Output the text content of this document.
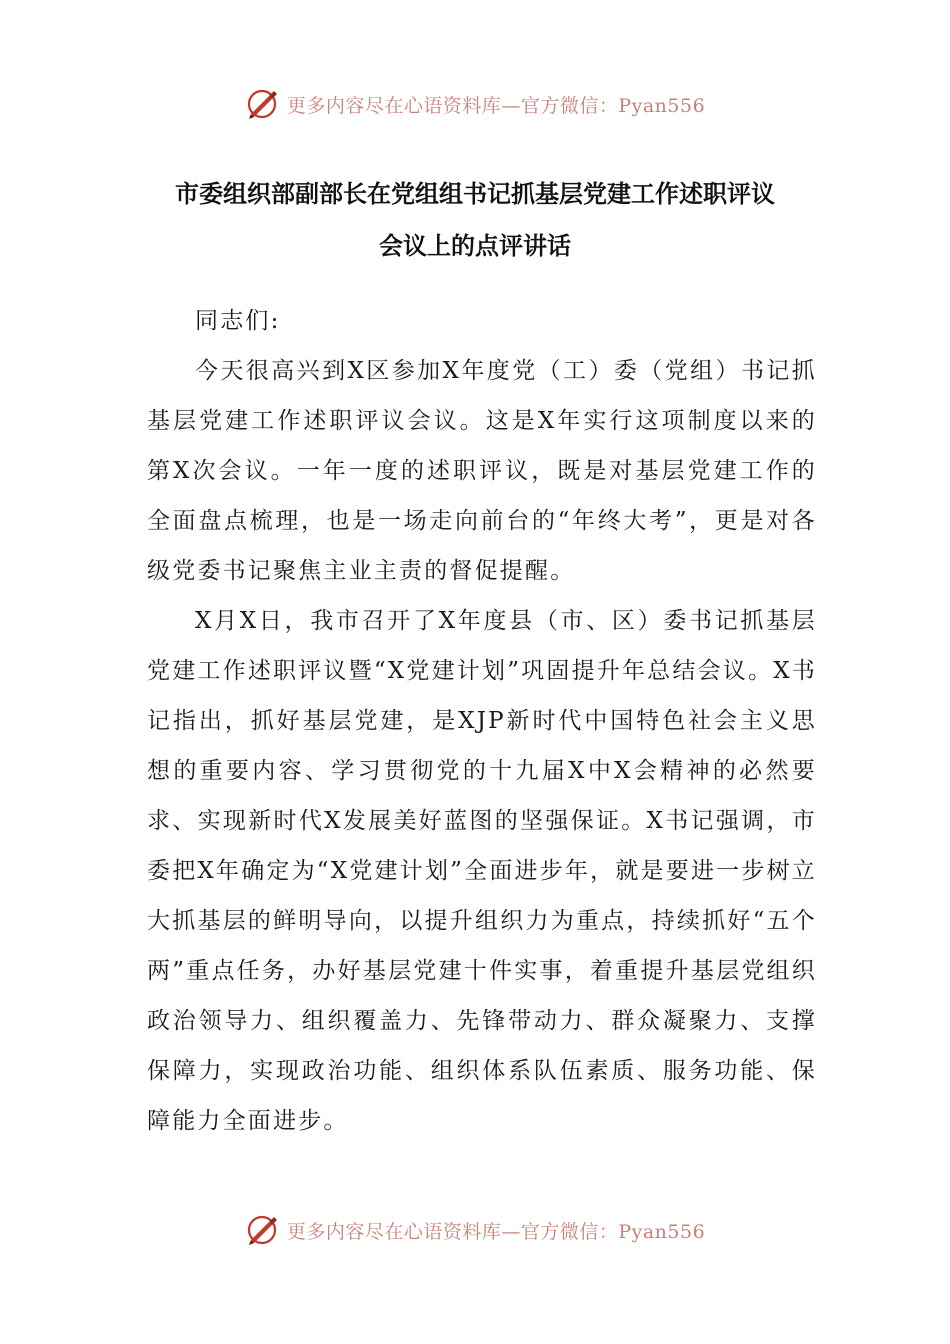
更多内容尽在心语资料库—官方微信：Pyan556
市委组织部副部长在党组组书记抓基层党建工作述职评议
会议上的点评讲话

同志们:

今天很高兴到X区参加X年度党（工）委（党组）书记抓基层党建工作述职评议会议。这是X年实行这项制度以来的第X次会议。一年一度的述职评议，既是对基层党建工作的全面盘点梳理，也是一场走向前台的“年终大考”，更是对各级党委书记聚焦主业主责的督促提醒。

X月X日，我市召开了X年度县（市、区）委书记抓基层党建工作述职评议暨“X党建计划”巩固提升年总结会议。X书记指出，抓好基层党建，是XJP新时代中国特色社会主义思想的重要内容、学习贯彻党的十九届X中X会精神的必然要求、实现新时代X发展美好蓝图的坚强保证。X书记强调，市委把X年确定为“X党建计划”全面进步年，就是要进一步树立大抓基层的鲜明导向，以提升组织力为重点，持续抓好“五个两”重点任务，办好基层党建十件实事，着重提升基层党组织政治领导力、组织覆盖力、先锋带动力、群众凝聚力、支撑保障力，实现政治功能、组织体系队伍素质、服务功能、保障能力全面进步。

更多内容尽在心语资料库—官方微信：Pyan556
